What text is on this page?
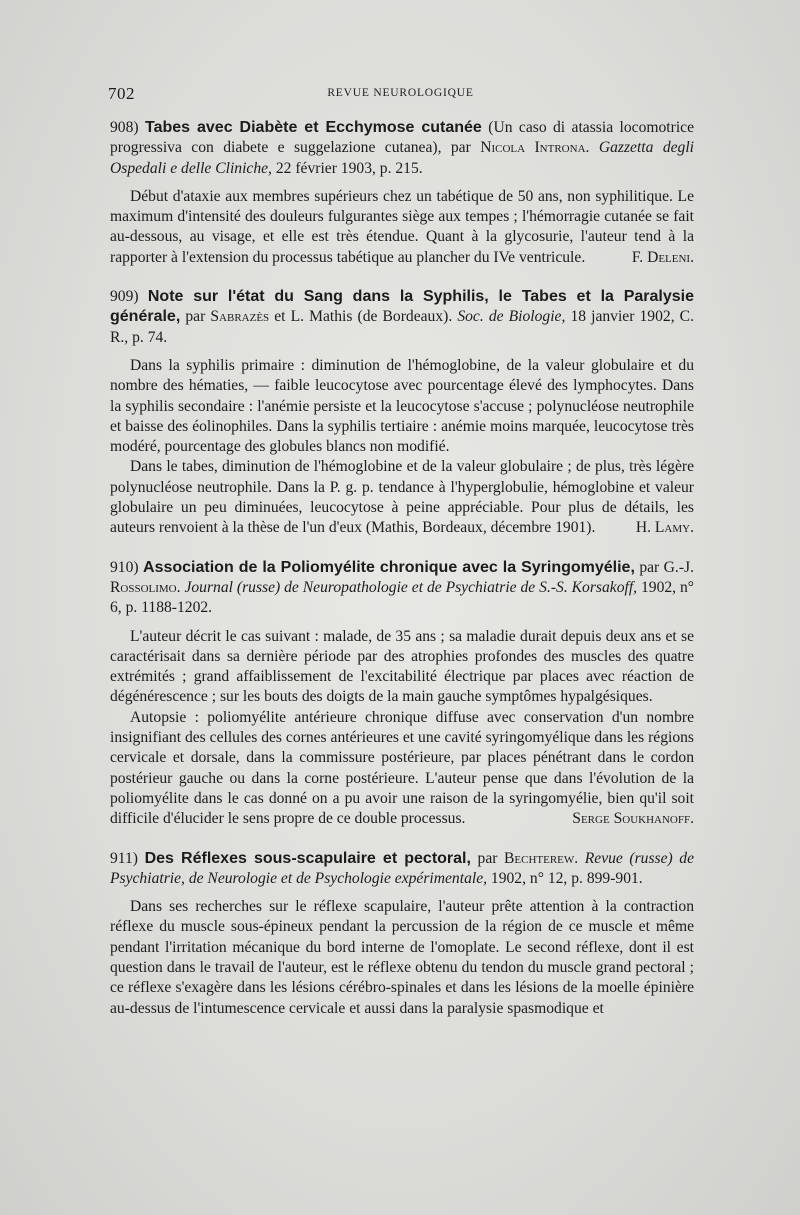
702	REVUE NEUROLOGIQUE
908) Tabes avec Diabète et Ecchymose cutanée (Un caso di atassia locomotrice progressiva con diabete e suggelazione cutanea), par Nicola Introna. Gazzetta degli Ospedali e delle Cliniche, 22 février 1903, p. 215.

Début d'ataxie aux membres supérieurs chez un tabétique de 50 ans, non syphilitique. Le maximum d'intensité des douleurs fulgurantes siège aux tempes ; l'hémorragie cutanée se fait au-dessous, au visage, et elle est très étendue. Quant à la glycosurie, l'auteur tend à la rapporter à l'extension du processus tabétique au plancher du IVe ventricule.	F. Deleni.

909) Note sur l'état du Sang dans la Syphilis, le Tabes et la Paralysie générale, par Sabrazès et L. Mathis (de Bordeaux). Soc. de Biologie, 18 janvier 1902, C. R., p. 74.

Dans la syphilis primaire : diminution de l'hémoglobine, de la valeur globulaire et du nombre des hématies, — faible leucocytose avec pourcentage élevé des lymphocytes. Dans la syphilis secondaire : l'anémie persiste et la leucocytose s'accuse ; polynucléose neutrophile et baisse des éolinophiles. Dans la syphilis tertiaire : anémie moins marquée, leucocytose très modéré, pourcentage des globules blancs non modifié.

Dans le tabes, diminution de l'hémoglobine et de la valeur globulaire ; de plus, très légère polynucléose neutrophile. Dans la P. g. p. tendance à l'hyperglobulie, hémoglobine et valeur globulaire un peu diminuées, leucocytose à peine appréciable. Pour plus de détails, les auteurs renvoient à la thèse de l'un d'eux (Mathis, Bordeaux, décembre 1901).	H. Lamy.

910) Association de la Poliomyélite chronique avec la Syringomyélie, par G.-J. Rossolimo. Journal (russe) de Neuropathologie et de Psychiatrie de S.-S. Korsakoff, 1902, n° 6, p. 1188-1202.

L'auteur décrit le cas suivant : malade, de 35 ans ; sa maladie durait depuis deux ans et se caractérisait dans sa dernière période par des atrophies profondes des muscles des quatre extrémités ; grand affaiblissement de l'excitabilité électrique par places avec réaction de dégénérescence ; sur les bouts des doigts de la main gauche symptômes hypalgésiques.

Autopsie : poliomyélite antérieure chronique diffuse avec conservation d'un nombre insignifiant des cellules des cornes antérieures et une cavité syringomyélique dans les régions cervicale et dorsale, dans la commissure postérieure, par places pénétrant dans le cordon postérieur gauche ou dans la corne postérieure. L'auteur pense que dans l'évolution de la poliomyélite dans le cas donné on a pu avoir une raison de la syringomyélie, bien qu'il soit difficile d'élucider le sens propre de ce double processus.	Serge Soukhanoff.

911) Des Réflexes sous-scapulaire et pectoral, par Bechterew. Revue (russe) de Psychiatrie, de Neurologie et de Psychologie expérimentale, 1902, n° 12, p. 899-901.

Dans ses recherches sur le réflexe scapulaire, l'auteur prête attention à la contraction réflexe du muscle sous-épineux pendant la percussion de la région de ce muscle et même pendant l'irritation mécanique du bord interne de l'omoplate. Le second réflexe, dont il est question dans le travail de l'auteur, est le réflexe obtenu du tendon du muscle grand pectoral ; ce réflexe s'exagère dans les lésions cérébro-spinales et dans les lésions de la moelle épinière au-dessus de l'intumescence cervicale et aussi dans la paralysie spasmodique et
